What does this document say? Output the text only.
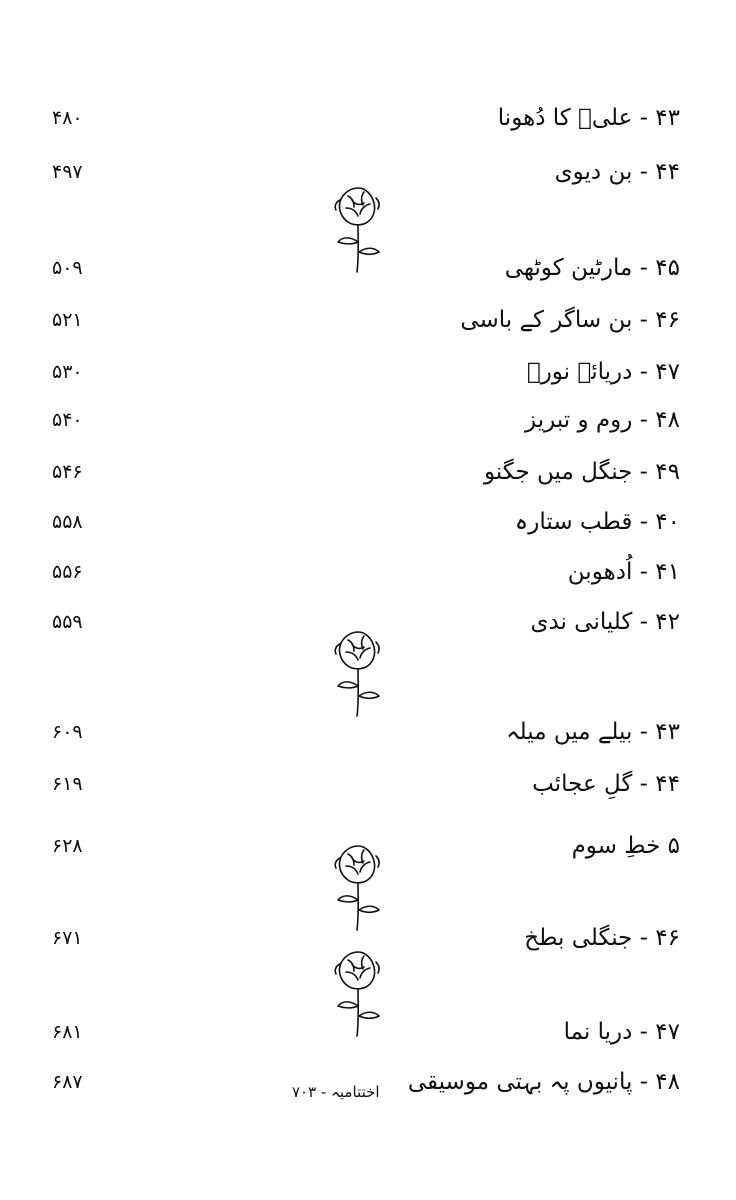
۴۳ - علیؑ کا دُھونا
۴۸۰
۴۴ - بن دیوی
۴۹۷
۴۵ - مارٹین کوٹھی
۵۰۹
۴۶ - بن ساگر کے باسی
۵۲۱
۴۷ - دریائے نورؔ
۵۳۰
۴۸ - روم و تبریز
۵۴۰
۴۹ - جنگل میں جگنو
۵۴۶
۴۰ - قطب ستارہ
۵۵۸
۴۱ - اُدھوبن
۵۵۶
۴۲ - کلیانی ندی
۵۵۹
۴۳ - بیلے میں میلہ
۶۰۹
۴۴ - گلِ عجائب
۶۱۹
۵ خطِ سوم
۶۲۸
۴۶ - جنگلی بطخ
۶۷۱
۴۷ - دریا نما
۶۸۱
۴۸ - پانیوں پہ بہتی موسیقی
۶۸۷	اختتامیہ - ۷۰۳
